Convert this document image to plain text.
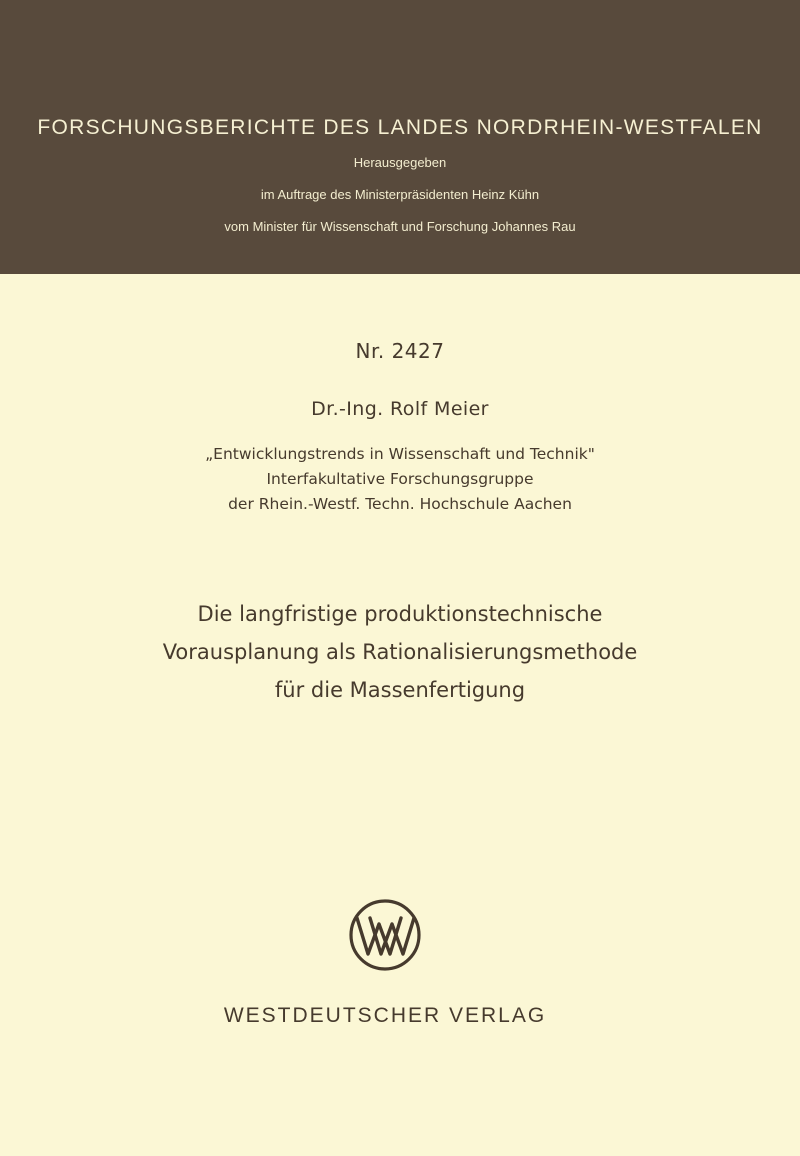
FORSCHUNGSBERICHTE DES LANDES NORDRHEIN-WESTFALEN
Herausgegeben
im Auftrage des Ministerpräsidenten Heinz Kühn
vom Minister für Wissenschaft und Forschung Johannes Rau
Nr. 2427
Dr.-Ing. Rolf Meier
„Entwicklungstrends in Wissenschaft und Technik"
Interfakultative Forschungsgruppe
der Rhein.-Westf. Techn. Hochschule Aachen
Die langfristige produktionstechnische
Vorausplanung als Rationalisierungsmethode
für die Massenfertigung
WESTDEUTSCHER VERLAG
